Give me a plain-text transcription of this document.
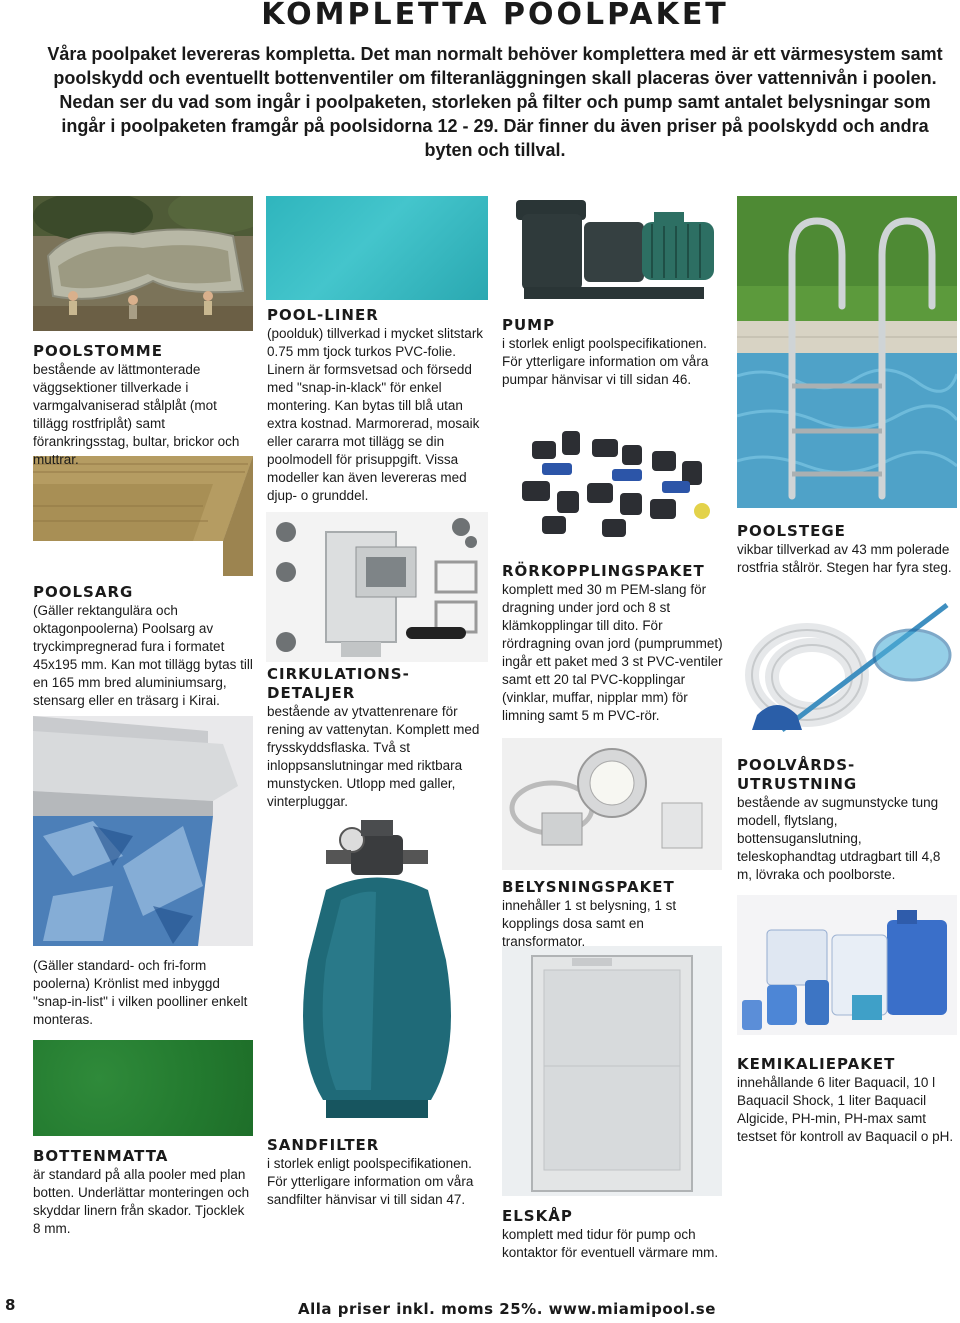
KOMPLETTA POOLPAKET
Våra poolpaket levereras kompletta. Det man normalt behöver komplettera med är ett värmesystem samt poolskydd och eventuellt bottenventiler om filteranläggningen skall placeras över vattennivån i poolen. Nedan ser du vad som ingår i poolpaketen, storleken på filter och pump samt antalet belysningar som ingår i poolpaketen framgår på poolsidorna 12 - 29. Där finner du även priser på poolskydd och andra byten och tillval.
POOLSTOMME

bestående av lättmonterade väggsektioner tillverkade i varmgalvaniserad stålplåt (mot tillägg rostfriplåt) samt förankringsstag, bultar, brickor och muttrar.

POOL-LINER

(poolduk) tillverkad i mycket slitstark 0.75 mm tjock turkos PVC-folie. Linern är formsvetsad och försedd med "snap-in-klack" för enkel montering. Kan bytas till blå utan extra kostnad. Marmorerad, mosaik eller cararra mot tillägg se din poolmodell för prisuppgift. Vissa modeller kan även levereras med djup- o grunddel.

PUMP

i storlek enligt poolspecifikationen. För ytterligare information om våra pumpar hänvisar vi till sidan 46.

POOLSTEGE

vikbar tillverkad av 43 mm polerade rostfria stålrör. Stegen har fyra steg.

POOLSARG

(Gäller rektangulära och oktagonpoolerna) Poolsarg av tryckimpregnerad fura i formatet 45x195 mm. Kan mot tillägg bytas till en 165 mm bred aluminiumsarg, stensarg eller en träsarg i Kirai.

CIRKULATIONS-DETALJER

bestående av ytvattenrenare för rening av vattenytan. Komplett med frysskyddsflaska. Två st inloppsanslutningar med riktbara munstycken. Utlopp med galler, vinterpluggar.

RÖRKOPPLINGSPAKET

komplett med 30 m PEM-slang för dragning under jord och 8 st klämkopplingar till dito. För rördragning ovan jord (pumprummet) ingår ett paket med 3 st PVC-ventiler samt ett 20 tal PVC-kopplingar (vinklar, muffar, nipplar mm) för limning samt 5 m PVC-rör.

POOLVÅRDS-UTRUSTNING

bestående av sugmunstycke tung modell, flytslang, bottensuganslutning, teleskophandtag utdragbart till 4,8 m, lövraka och poolborste.

(Gäller standard- och fri-form poolerna) Krönlist med inbyggd "snap-in-list" i vilken poolliner enkelt monteras.

BELYSNINGSPAKET

innehåller 1 st belysning, 1 st kopplings dosa samt en transformator.

BOTTENMATTA

är standard på alla pooler med plan botten. Underlättar monteringen och skyddar linern från skador. Tjocklek 8 mm.

SANDFILTER

i storlek enligt poolspecifikationen. För ytterligare information om våra sandfilter hänvisar vi till sidan 47.

KEMIKALIEPAKET

innehållande 6 liter Baquacil, 10 l Baquacil Shock, 1 liter Baquacil Algicide, PH-min, PH-max samt testset för kontroll av Baquacil o pH.

ELSKÅP

komplett med tidur för pump och kontaktor för eventuell värmare mm.

8	Alla priser inkl. moms 25%. www.miamipool.se
